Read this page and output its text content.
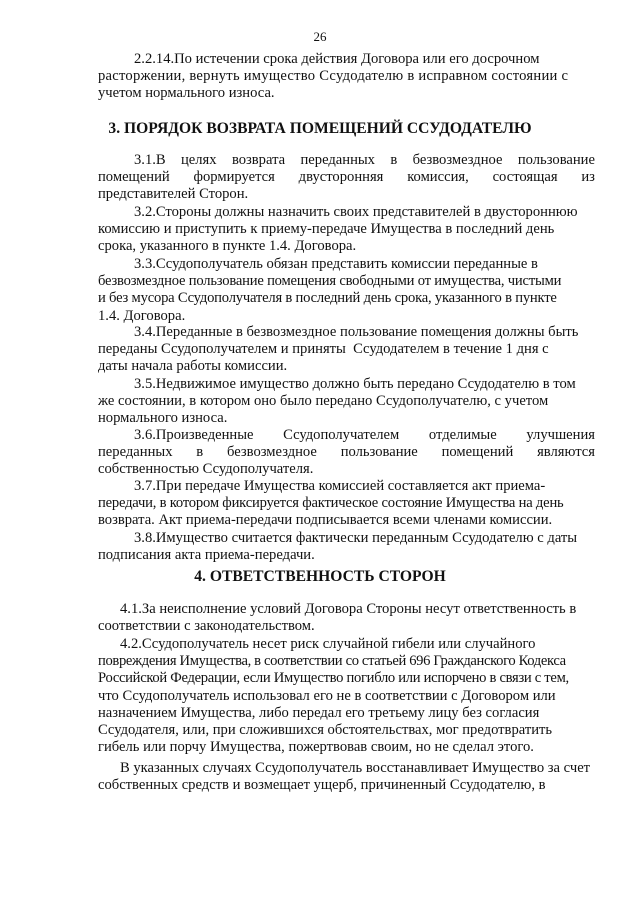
26
2.2.14.По истечении срока действия Договора или его досрочном
расторжении, вернуть имущество Ссудодателю в исправном состоянии с
учетом нормального износа.
3. ПОРЯДОК ВОЗВРАТА ПОМЕЩЕНИЙ ССУДОДАТЕЛЮ
3.1.В целях возврата переданных в безвозмездное пользование
помещений формируется двусторонняя комиссия, состоящая из
представителей Сторон.
3.2.Стороны должны назначить своих представителей в двустороннюю
комиссию и приступить к приему-передаче Имущества в последний день
срока, указанного в пункте 1.4. Договора.
3.3.Ссудополучатель обязан представить комиссии переданные в
безвозмездное пользование помещения свободными от имущества, чистыми
и без мусора Ссудополучателя в последний день срока, указанного в пункте
1.4. Договора.
3.4.Переданные в безвозмездное пользование помещения должны быть
переданы Ссудополучателем и приняты  Ссудодателем в течение 1 дня с
даты начала работы комиссии.
3.5.Недвижимое имущество должно быть передано Ссудодателю в том
же состоянии, в котором оно было передано Ссудополучателю, с учетом
нормального износа.
3.6.Произведенные Ссудополучателем отделимые улучшения
переданных в безвозмездное пользование помещений являются
собственностью Ссудополучателя.
3.7.При передаче Имущества комиссией составляется акт приема-
передачи, в котором фиксируется фактическое состояние Имущества на день
возврата. Акт приема-передачи подписывается всеми членами комиссии.
3.8.Имущество считается фактически переданным Ссудодателю с даты
подписания акта приема-передачи.
4. ОТВЕТСТВЕННОСТЬ СТОРОН
4.1.За неисполнение условий Договора Стороны несут ответственность в
соответствии с законодательством.
4.2.Ссудополучатель несет риск случайной гибели или случайного
повреждения Имущества, в соответствии со статьей 696 Гражданского Кодекса
Российской Федерации, если Имущество погибло или испорчено в связи с тем,
что Ссудополучатель использовал его не в соответствии с Договором или
назначением Имущества, либо передал его третьему лицу без согласия
Ссудодателя, или, при сложившихся обстоятельствах, мог предотвратить
гибель или порчу Имущества, пожертвовав своим, но не сделал этого.
В указанных случаях Ссудополучатель восстанавливает Имущество за счет
собственных средств и возмещает ущерб, причиненный Ссудодателю, в
